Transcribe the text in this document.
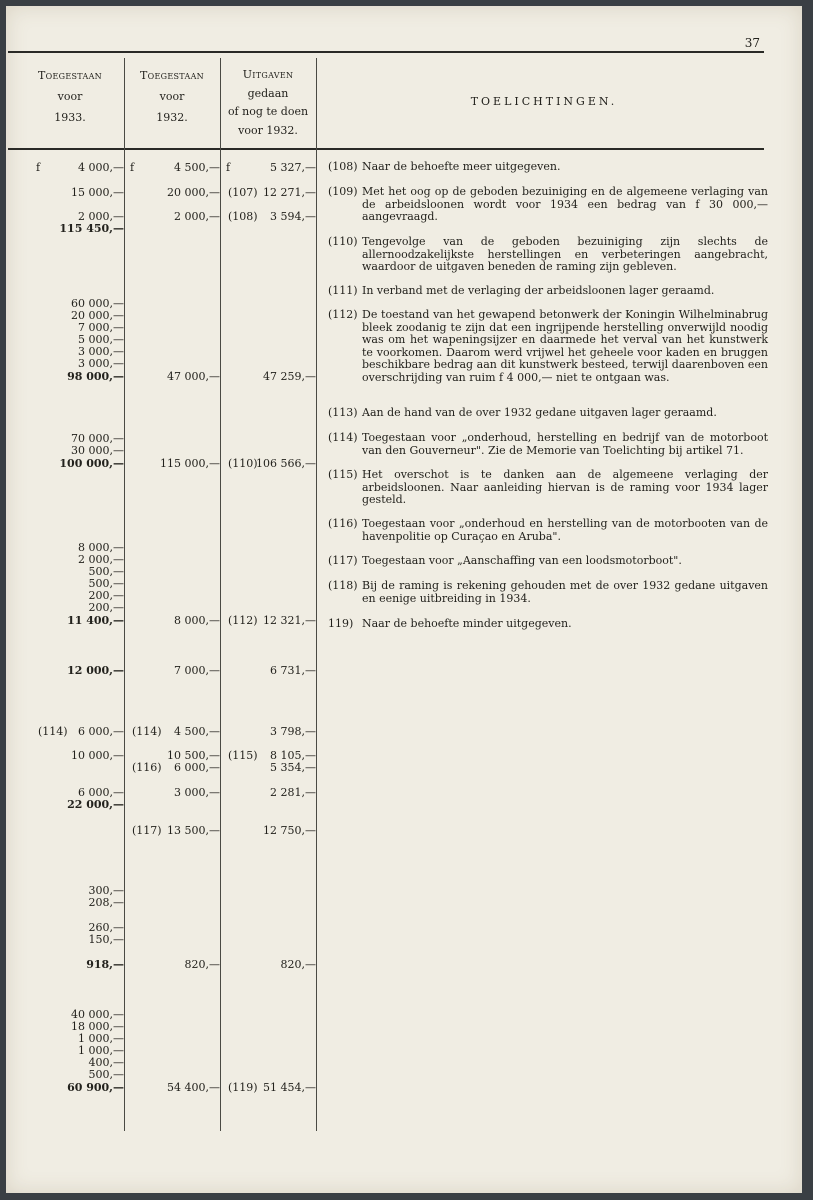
37
Toegestaan
voor
1933.
Toegestaan
voor
1932.
Uitgaven
gedaan
of nog te doen
voor 1932.
TOELICHTINGEN.
f	f	f
4 000,—
15 000,—
2 000,—
115 450,—
60 000,—
20 000,—
7 000,—
5 000,—
3 000,—
3 000,—
98 000,—
70 000,—
30 000,—
100 000,—
8 000,—
2 000,—
500,—
500,—
200,—
200,—
11 400,—
12 000,—
(114) 6 000,—
10 000,—
6 000,—
22 000,—
300,—
208,—
260,—
150,—
918,—
40 000,—
18 000,—
1 000,—
1 000,—
400,—
500,—
60 900,—
4 500,—
20 000,—
2 000,—
47 000,—
115 000,—
8 000,—
7 000,—
(114) 4 500,—
10 500,—
(116) 6 000,—
3 000,—
(117) 13 500,—
820,—
54 400,—
5 327,—
(107) 12 271,—
(108) 3 594,—
47 259,—
(110)
106 566,—
(112) 12 321,—
6 731,—
3 798,—
(115) 8 105,—
5 354,—
2 281,—
12 750,—
820,—
(119) 51 454,—
(108) Naar de behoefte meer uitgegeven.
(109) Met het oog op de geboden bezuiniging en de algemeene verlaging van de arbeidsloonen wordt voor 1934 een bedrag van f 30 000,— aangevraagd.
(110) Tengevolge van de geboden bezuiniging zijn slechts de allernoodzakelijkste herstellingen en verbeteringen aangebracht, waardoor de uitgaven beneden de raming zijn gebleven.
(111) In verband met de verlaging der arbeidsloonen lager geraamd.
(112) De toestand van het gewapend betonwerk der Koningin Wilhelminabrug bleek zoodanig te zijn dat een ingrijpende herstelling onverwijld noodig was om het wapeningsijzer en daarmede het verval van het kunstwerk te voorkomen. Daarom werd vrijwel het geheele voor kaden en bruggen beschikbare bedrag aan dit kunstwerk besteed, terwijl daarenboven een overschrijding van ruim f 4 000,— niet te ontgaan was.
(113) Aan de hand van de over 1932 gedane uitgaven lager geraamd.
(114) Toegestaan voor „onderhoud, herstelling en bedrijf van de motorboot van den Gouverneur". Zie de Memorie van Toelichting bij artikel 71.
(115) Het overschot is te danken aan de algemeene verlaging der arbeidsloonen. Naar aanleiding hiervan is de raming voor 1934 lager gesteld.
(116) Toegestaan voor „onderhoud en herstelling van de motorbooten van de havenpolitie op Curaçao en Aruba".
(117) Toegestaan voor „Aanschaffing van een loodsmotorboot".
(118) Bij de raming is rekening gehouden met de over 1932 gedane uitgaven en eenige uitbreiding in 1934.
119) Naar de behoefte minder uitgegeven.
